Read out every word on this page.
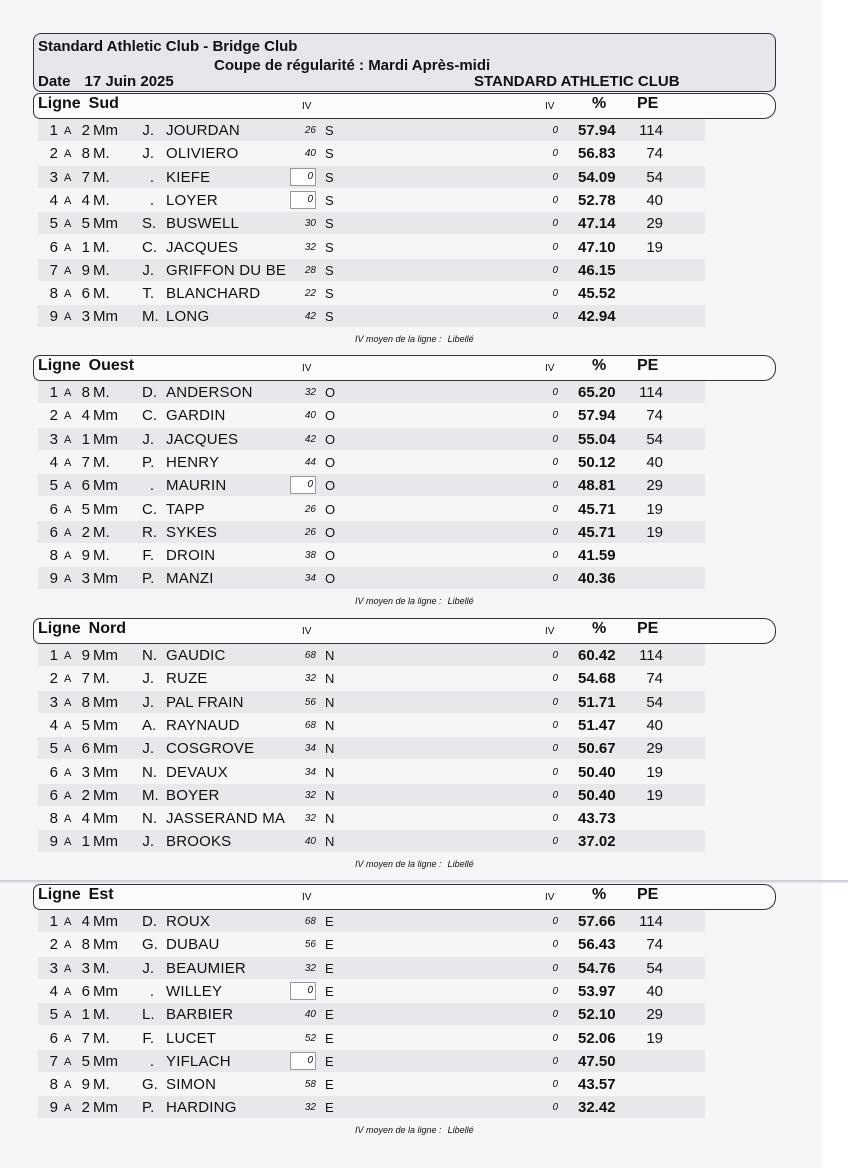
Standard Athletic Club - Bridge Club
Coupe de régularité : Mardi Après-midi
Date 17 Juin 2025	STANDARD ATHLETIC CLUB
Ligne Sud	IV	IV % PE
1 A 2 Mm J. JOURDAN	26 S	0 57.94 114
2 A 8 M. J. OLIVIERO	40 S	0 56.83	74
3 A 7 M.	. KIEFE	0 S	0 54.09	54
4 A 4 M.	. LOYER	0 S	0 52.78	40
5 A 5 Mm S. BUSWELL	30 S	0 47.14	29
6 A 1 M. C. JACQUES	32 S	0 47.10	19
7 A 9 M. J. GRIFFON DU BE	28 S	0 46.15
8 A 6 M. T. BLANCHARD	22 S	0 45.52
9 A 3 Mm M. LONG	42 S	0 42.94
IV moyen de la ligne : Libellé
Ligne Ouest	IV	IV % PE
1 A 8 M. D. ANDERSON	32 O	0 65.20 114
2 A 4 Mm C. GARDIN	40 O	0 57.94	74
3 A 1 Mm J. JACQUES	42 O	0 55.04	54
4 A 7 M. P. HENRY	44 O	0 50.12	40
5 A 6 Mm	. MAURIN	0 O	0 48.81	29
6 A 5 Mm C. TAPP	26 O	0 45.71	19
6 A 2 M. R. SYKES	26 O	0 45.71	19
8 A 9 M. F. DROIN	38 O	0 41.59
9 A 3 Mm P. MANZI	34 O	0 40.36
IV moyen de la ligne : Libellé
Ligne Nord	IV	IV % PE
1 A 9 Mm N. GAUDIC	68 N	0 60.42 114
2 A 7 M. J. RUZE	32 N	0 54.68	74
3 A 8 Mm J. PAL FRAIN	56 N	0 51.71	54
4 A 5 Mm A. RAYNAUD	68 N	0 51.47	40
5 A 6 Mm J. COSGROVE	34 N	0 50.67	29
6 A 3 Mm N. DEVAUX	34 N	0 50.40	19
6 A 2 Mm M. BOYER	32 N	0 50.40	19
8 A 4 Mm N. JASSERAND MA	32 N	0 43.73
9 A 1 Mm J. BROOKS	40 N	0 37.02
IV moyen de la ligne : Libellé
Ligne Est	IV	IV % PE
1 A 4 Mm D. ROUX	68 E	0 57.66 114
2 A 8 Mm G. DUBAU	56 E	0 56.43	74
3 A 3 M. J. BEAUMIER	32 E	0 54.76	54
4 A 6 Mm	. WILLEY	0 E	0 53.97	40
5 A 1 M. L. BARBIER	40 E	0 52.10	29
6 A 7 M. F. LUCET	52 E	0 52.06	19
7 A 5 Mm	. YIFLACH	0 E	0 47.50
8 A 9 M. G. SIMON	58 E	0 43.57
9 A 2 Mm P. HARDING	32 E	0 32.42
IV moyen de la ligne : Libellé
